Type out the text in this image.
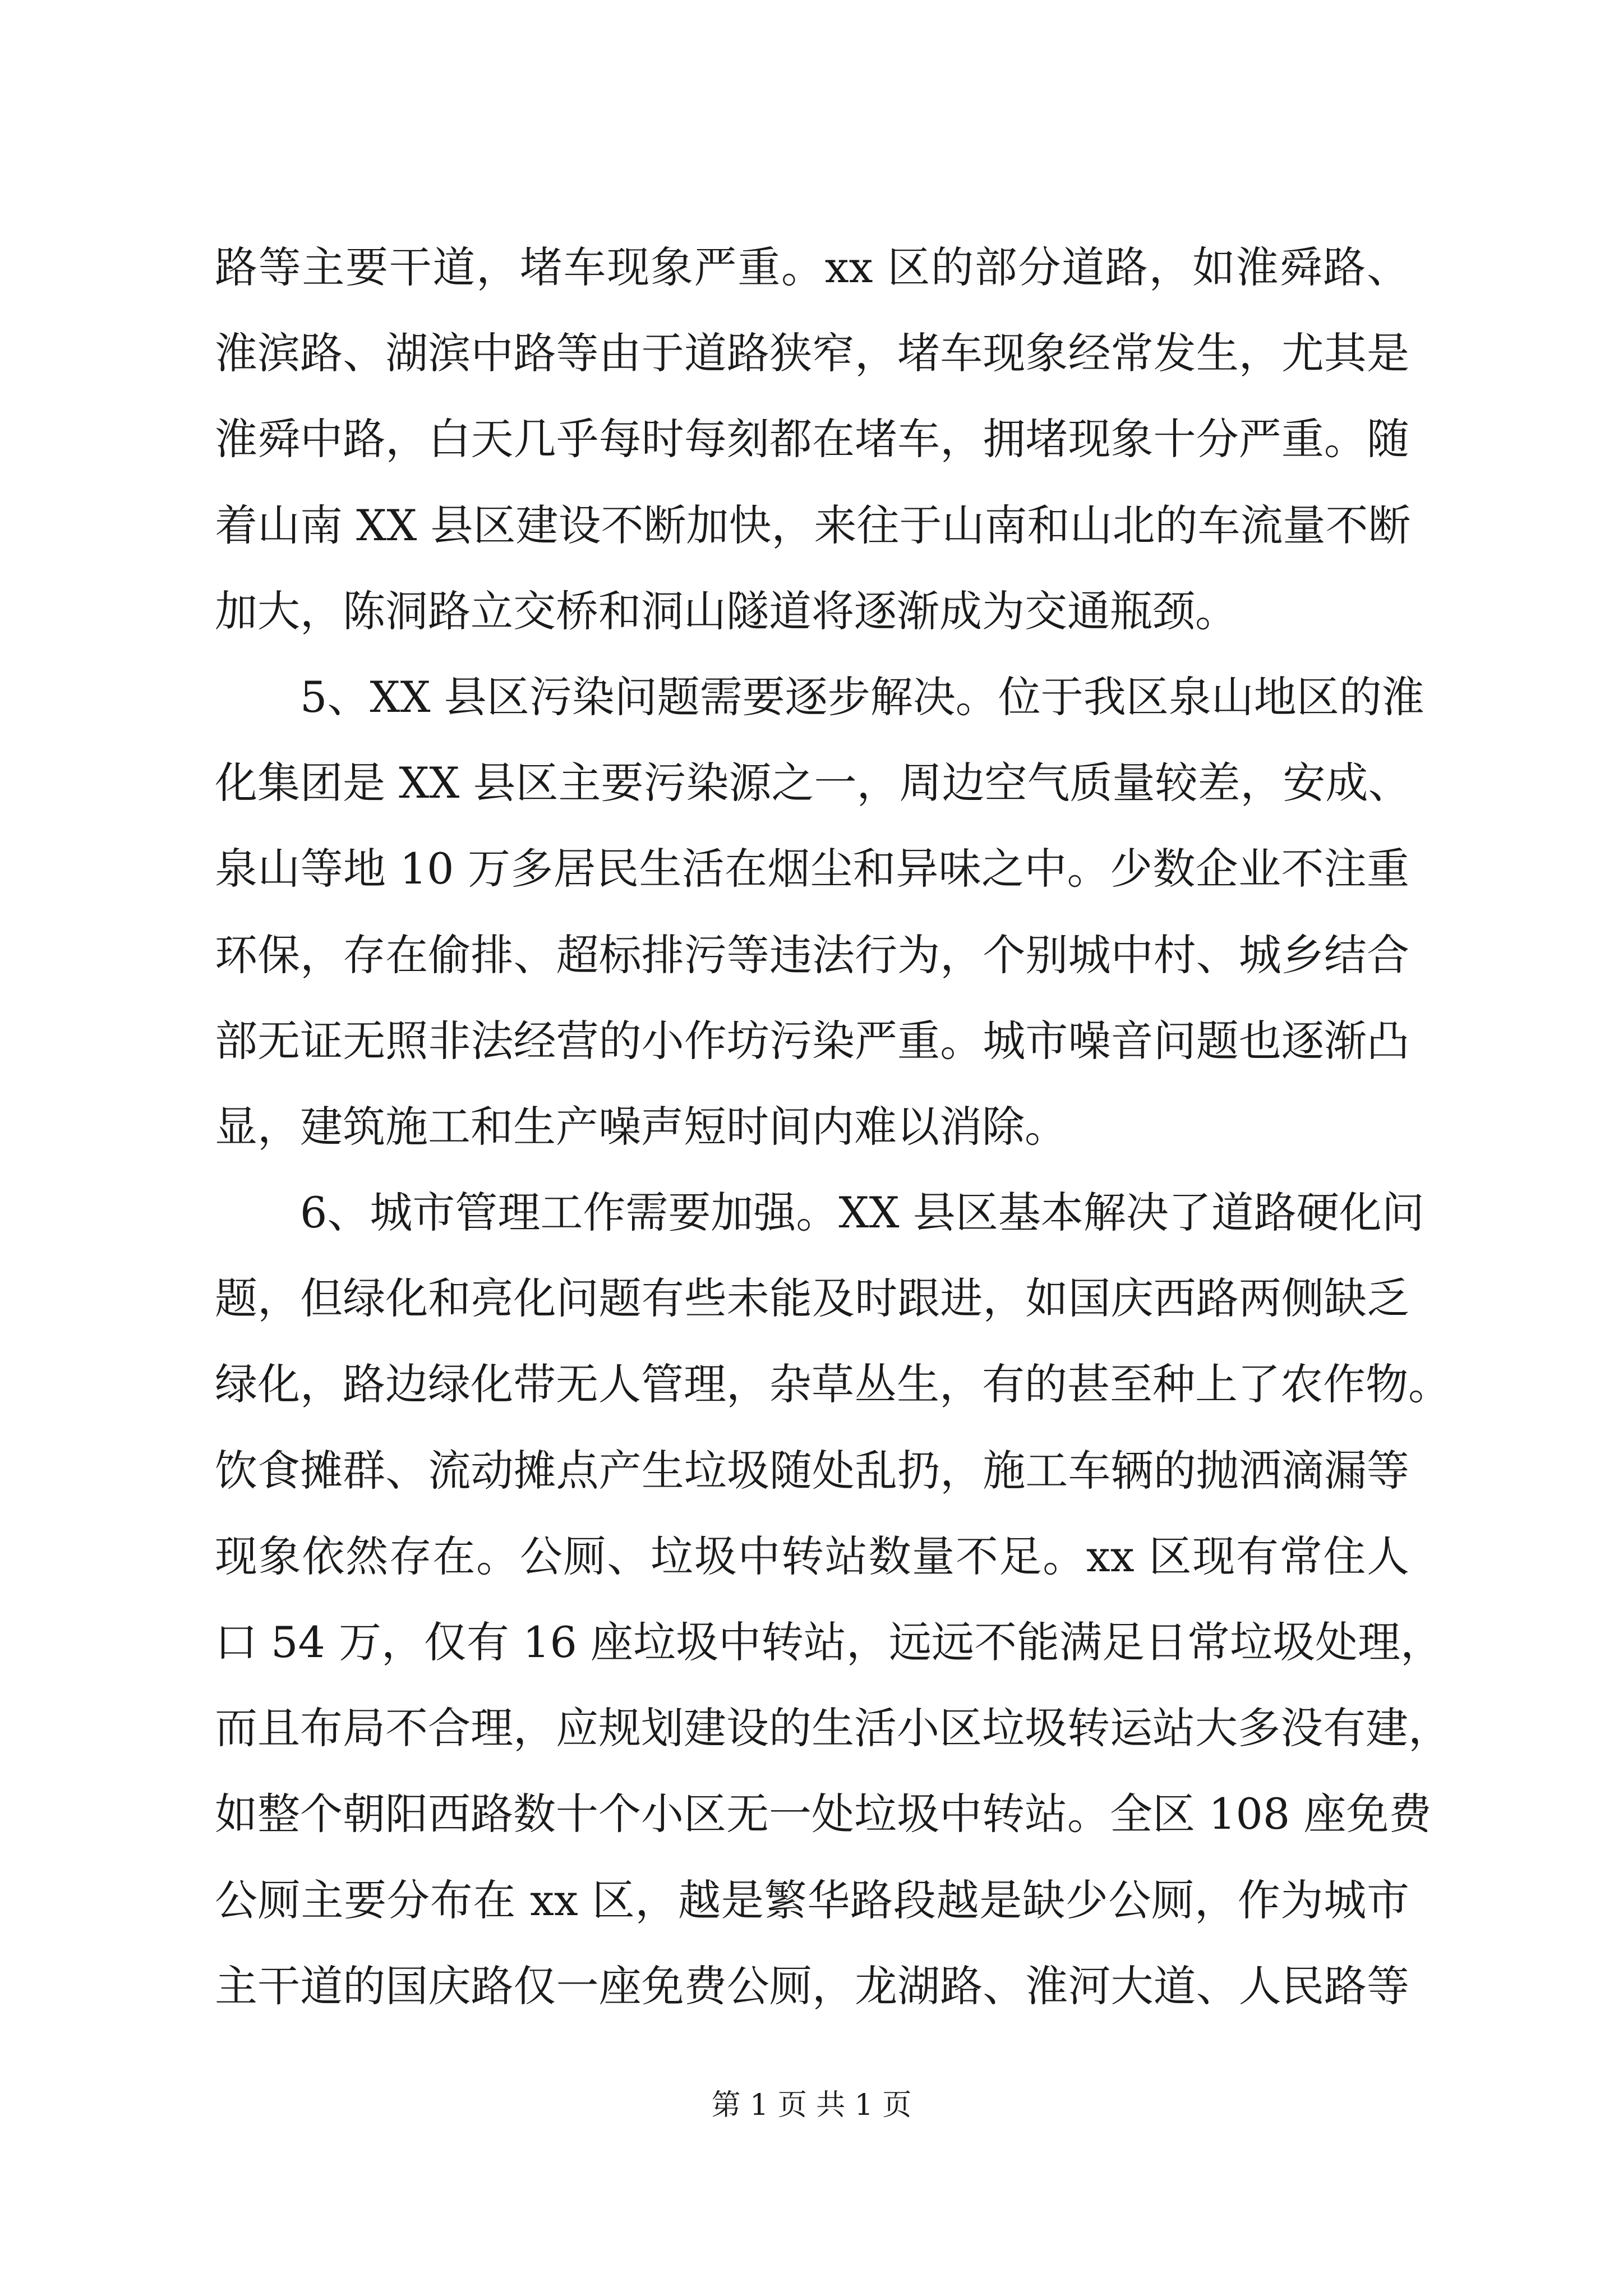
路等主要干道，堵车现象严重。xx 区的部分道路，如淮舜路、
淮滨路、湖滨中路等由于道路狭窄，堵车现象经常发生，尤其是
淮舜中路，白天几乎每时每刻都在堵车，拥堵现象十分严重。随
着山南 XX 县区建设不断加快，来往于山南和山北的车流量不断
加大，陈洞路立交桥和洞山隧道将逐渐成为交通瓶颈。
5、XX 县区污染问题需要逐步解决。位于我区泉山地区的淮
化集团是 XX 县区主要污染源之一，周边空气质量较差，安成、
泉山等地 10 万多居民生活在烟尘和异味之中。少数企业不注重
环保，存在偷排、超标排污等违法行为，个别城中村、城乡结合
部无证无照非法经营的小作坊污染严重。城市噪音问题也逐渐凸
显，建筑施工和生产噪声短时间内难以消除。
6、城市管理工作需要加强。XX 县区基本解决了道路硬化问
题，但绿化和亮化问题有些未能及时跟进，如国庆西路两侧缺乏
绿化，路边绿化带无人管理，杂草丛生，有的甚至种上了农作物。
饮食摊群、流动摊点产生垃圾随处乱扔，施工车辆的抛洒滴漏等
现象依然存在。公厕、垃圾中转站数量不足。xx 区现有常住人
口 54 万，仅有 16 座垃圾中转站，远远不能满足日常垃圾处理，
而且布局不合理，应规划建设的生活小区垃圾转运站大多没有建，
如整个朝阳西路数十个小区无一处垃圾中转站。全区 108 座免费
公厕主要分布在 xx 区，越是繁华路段越是缺少公厕，作为城市
主干道的国庆路仅一座免费公厕，龙湖路、淮河大道、人民路等
第 1 页 共 1 页
